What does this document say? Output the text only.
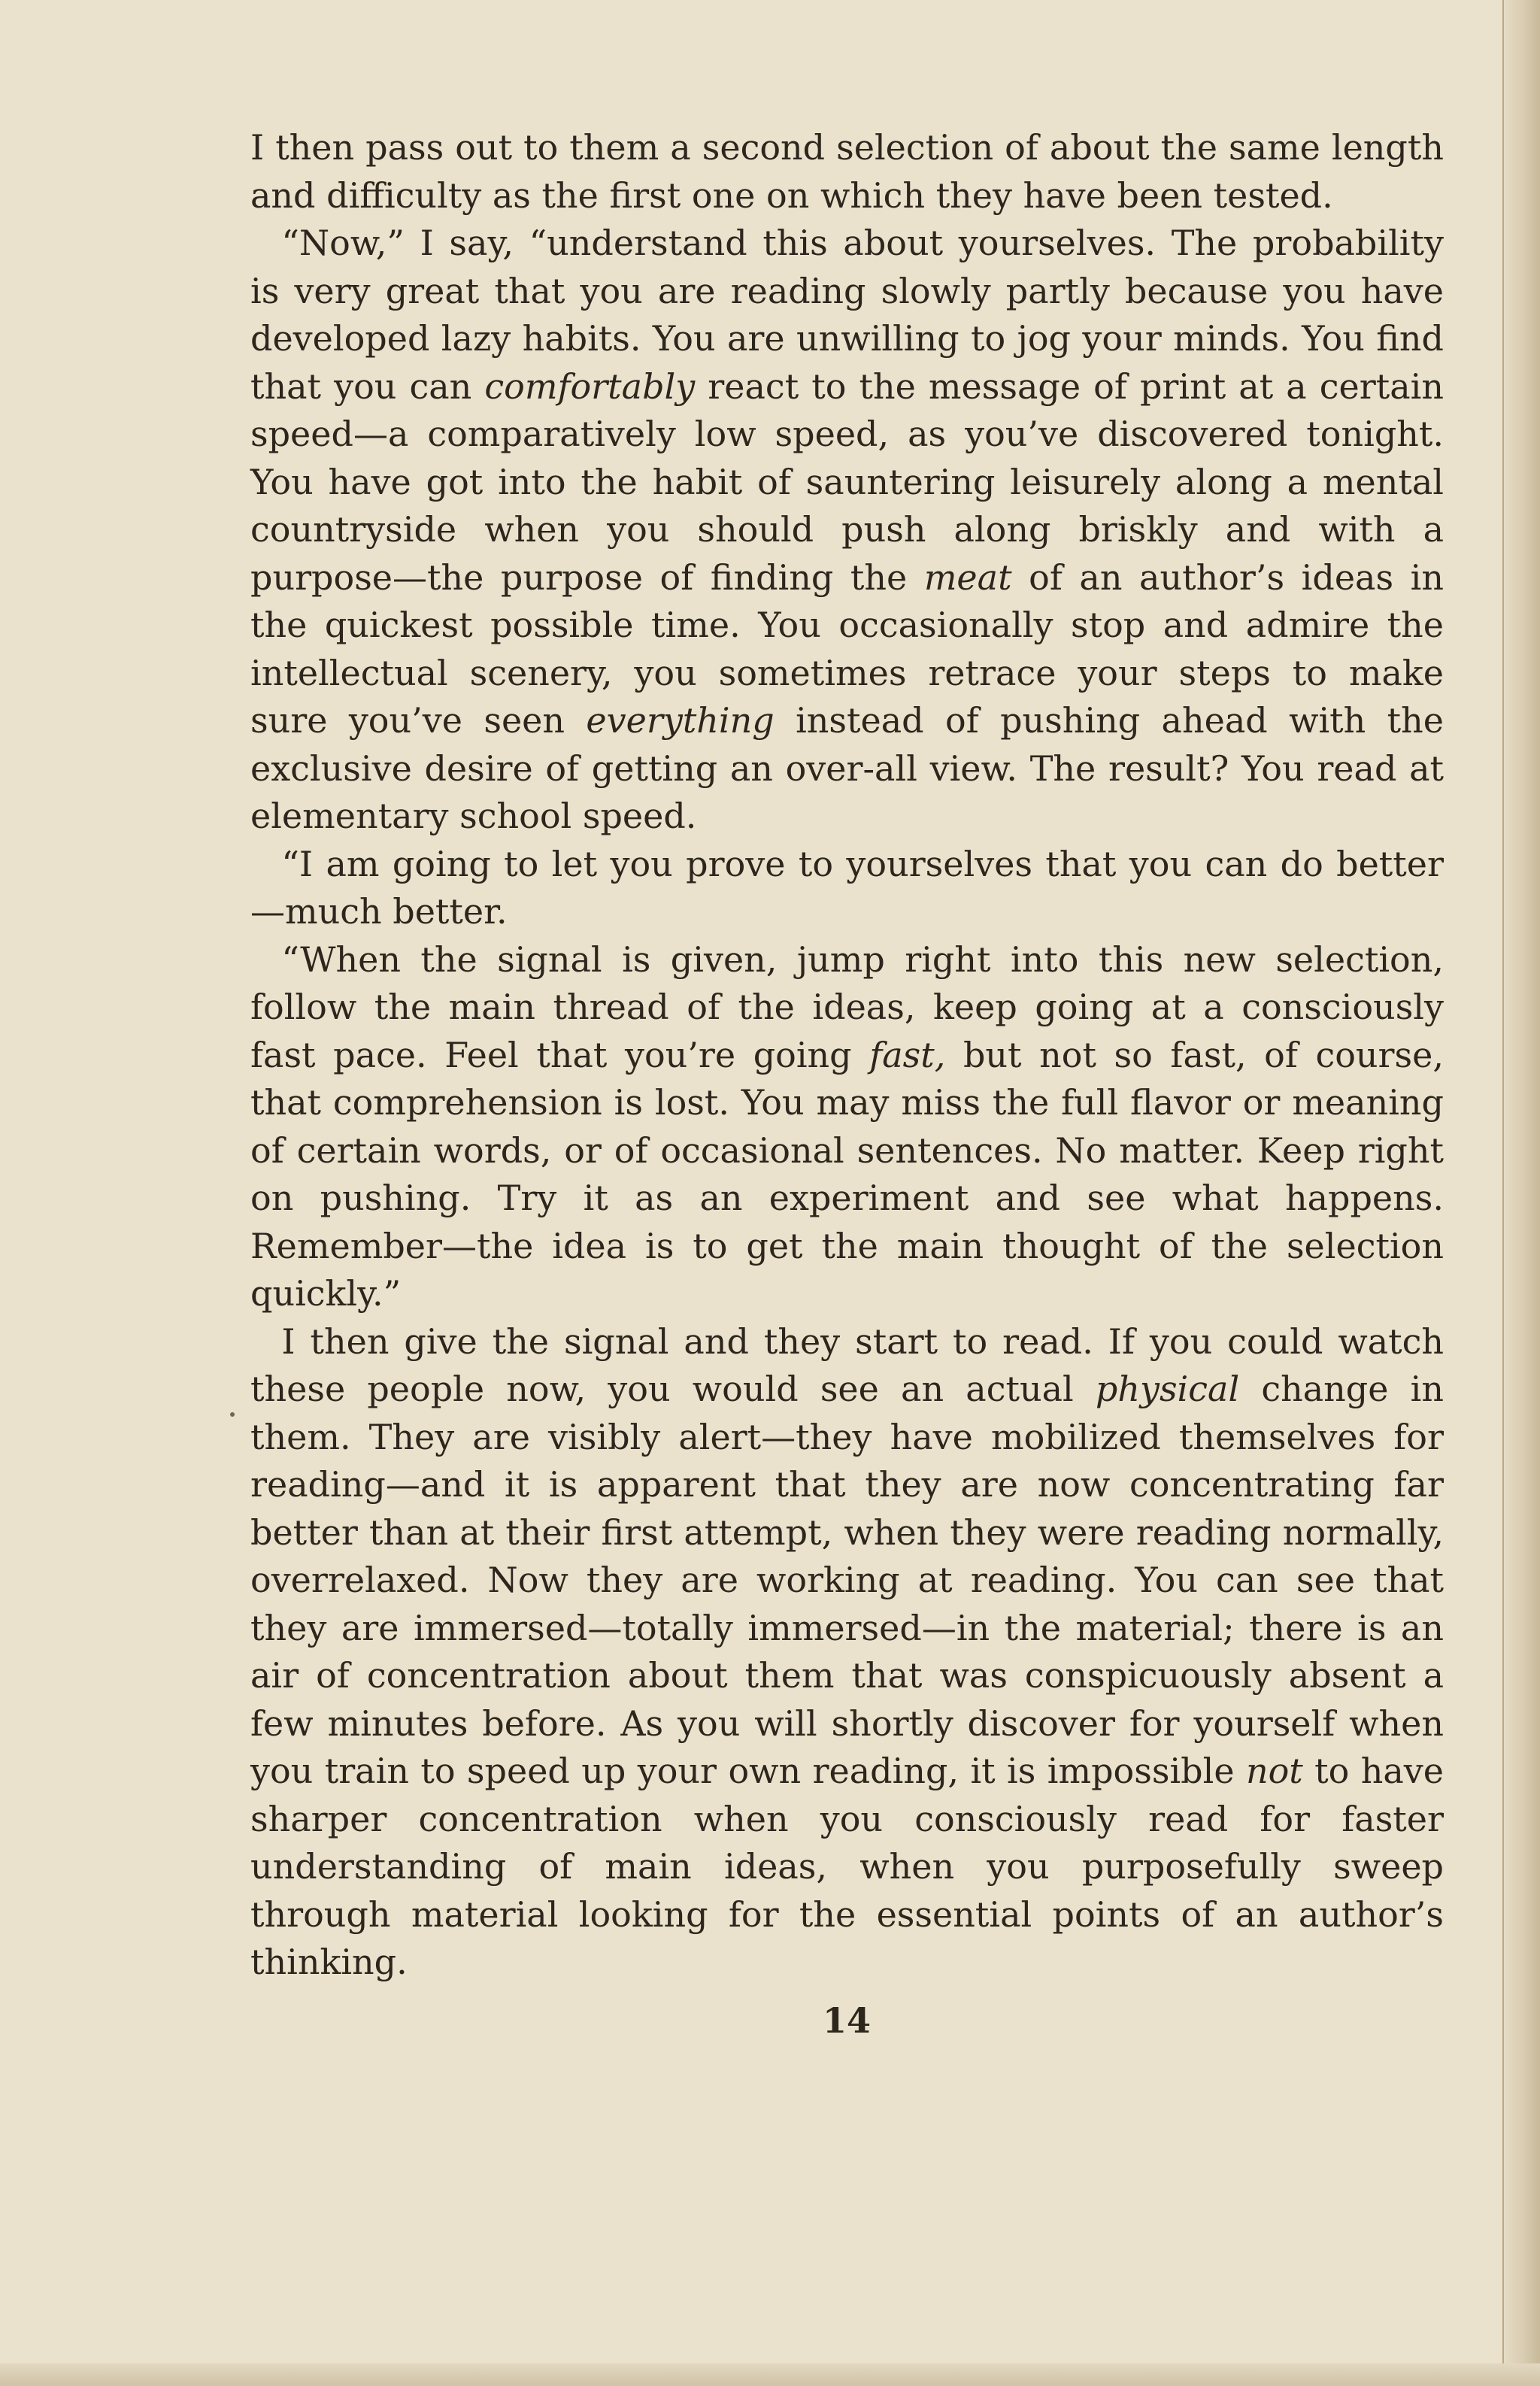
I then pass out to them a second selection of about the same length and difficulty as the first one on which they have been tested.

“Now,” I say, “understand this about yourselves. The probability is very great that you are reading slowly partly because you have developed lazy habits. You are unwilling to jog your minds. You find that you can comfortably react to the message of print at a certain speed—a comparatively low speed, as you’ve discovered tonight. You have got into the habit of sauntering leisurely along a mental countryside when you should push along briskly and with a purpose—the purpose of finding the meat of an author’s ideas in the quickest possible time. You occasionally stop and admire the intellectual scenery, you sometimes retrace your steps to make sure you’ve seen everything instead of pushing ahead with the exclusive desire of getting an over-all view. The result? You read at elementary school speed.

“I am going to let you prove to yourselves that you can do better —much better.

“When the signal is given, jump right into this new selection, follow the main thread of the ideas, keep going at a consciously fast pace. Feel that you’re going fast, but not so fast, of course, that comprehension is lost. You may miss the full flavor or meaning of certain words, or of occasional sentences. No matter. Keep right on pushing. Try it as an experiment and see what happens. Remember—the idea is to get the main thought of the selection quickly.”

I then give the signal and they start to read. If you could watch these people now, you would see an actual physical change in them. They are visibly alert—they have mobilized themselves for reading—and it is apparent that they are now concentrating far better than at their first attempt, when they were reading normally, overrelaxed. Now they are working at reading. You can see that they are immersed—totally immersed—in the material; there is an air of concentration about them that was conspicuously absent a few minutes before. As you will shortly discover for yourself when you train to speed up your own reading, it is impossible not to have sharper concentration when you consciously read for faster understanding of main ideas, when you purposefully sweep through material looking for the essential points of an author’s thinking.

14
